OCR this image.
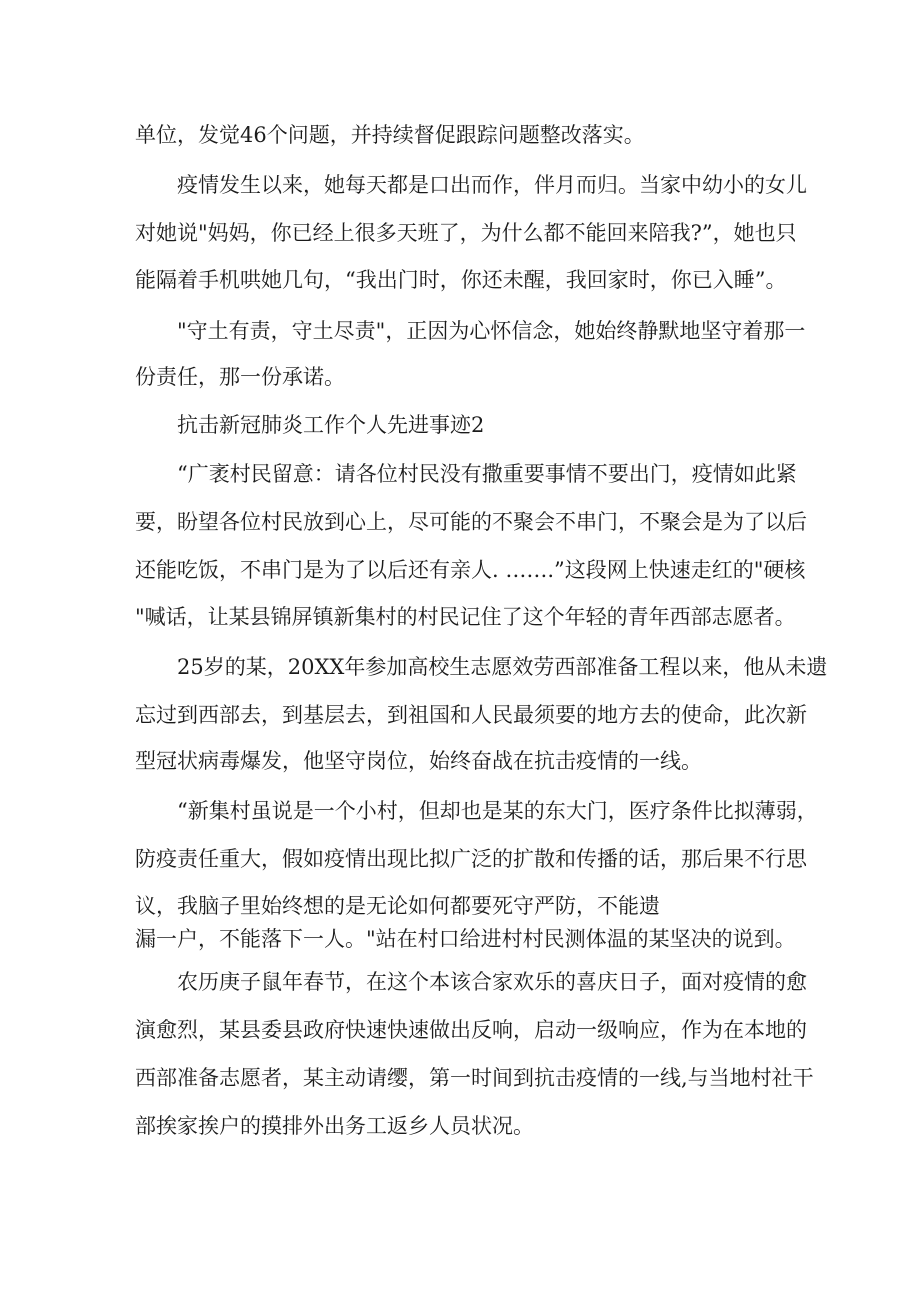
单位，发觉46个问题，并持续督促跟踪问题整改落实。
疫情发生以来，她每天都是口出而作，伴月而归。当家中幼小的女儿
对她说"妈妈，你已经上很多天班了，为什么都不能回来陪我?”，她也只
能隔着手机哄她几句，“我出门时，你还未醒，我回家时，你已入睡”。
"守土有责，守土尽责"，正因为心怀信念，她始终静默地坚守着那一
份责任，那一份承诺。
抗击新冠肺炎工作个人先进事迹2
“广袤村民留意：请各位村民没有撒重要事情不要出门，疫情如此紧
要，盼望各位村民放到心上，尽可能的不聚会不串门，不聚会是为了以后
还能吃饭，不串门是为了以后还有亲人. …….”这段网上快速走红的"硬核
"喊话，让某县锦屏镇新集村的村民记住了这个年轻的青年西部志愿者。
25岁的某，20XX年参加高校生志愿效劳西部准备工程以来，他从未遗
忘过到西部去，到基层去，到祖国和人民最须要的地方去的使命，此次新
型冠状病毒爆发，他坚守岗位，始终奋战在抗击疫情的一线。
“新集村虽说是一个小村，但却也是某的东大门，医疗条件比拟薄弱，
防疫责任重大，假如疫情出现比拟广泛的扩散和传播的话，那后果不行思
议，我脑子里始终想的是无论如何都要死守严防，不能遗
漏一户，不能落下一人。"站在村口给进村村民测体温的某坚决的说到。
农历庚子鼠年春节，在这个本该合家欢乐的喜庆日子，面对疫情的愈
演愈烈，某县委县政府快速快速做出反响，启动一级响应，作为在本地的
西部准备志愿者，某主动请缨，第一时间到抗击疫情的一线,与当地村社干
部挨家挨户的摸排外出务工返乡人员状况。
